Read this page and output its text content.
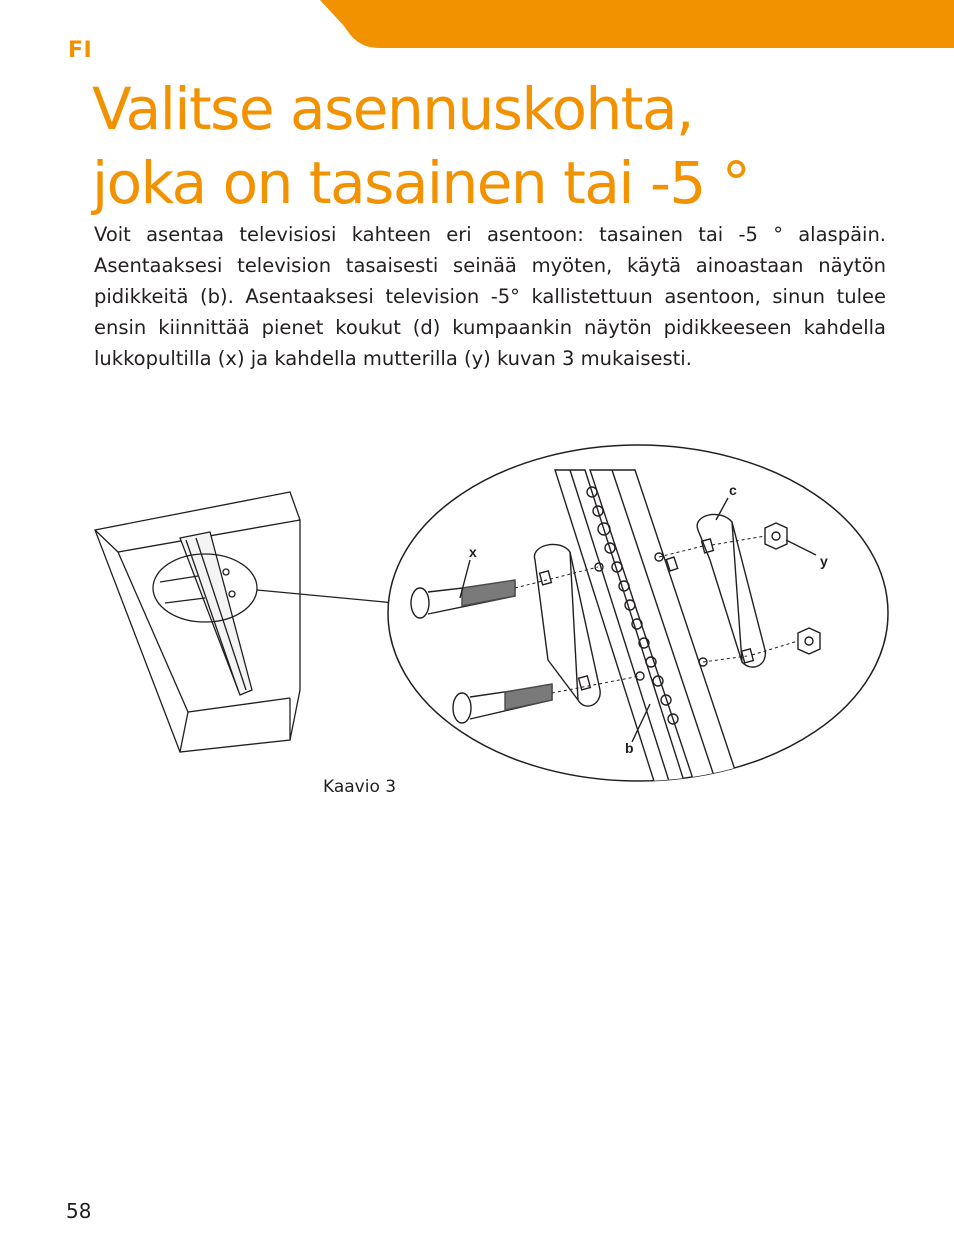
FI
Valitse asennuskohta,
joka on tasainen tai -5 °

Voit asentaa televisiosi kahteen eri asentoon: tasainen tai -5 ° alaspäin. Asentaaksesi television tasaisesti seinää myöten, käytä ainoastaan näytön pidikkeitä (b). Asentaaksesi television -5° kallistettuun asentoon, sinun tulee ensin kiinnittää pienet koukut (d) kumpaankin näytön pidikkeeseen kahdella lukkopultilla (x) ja kahdella mutterilla (y) kuvan 3 mukaisesti.

x
c
y
b
Kaavio 3
58
